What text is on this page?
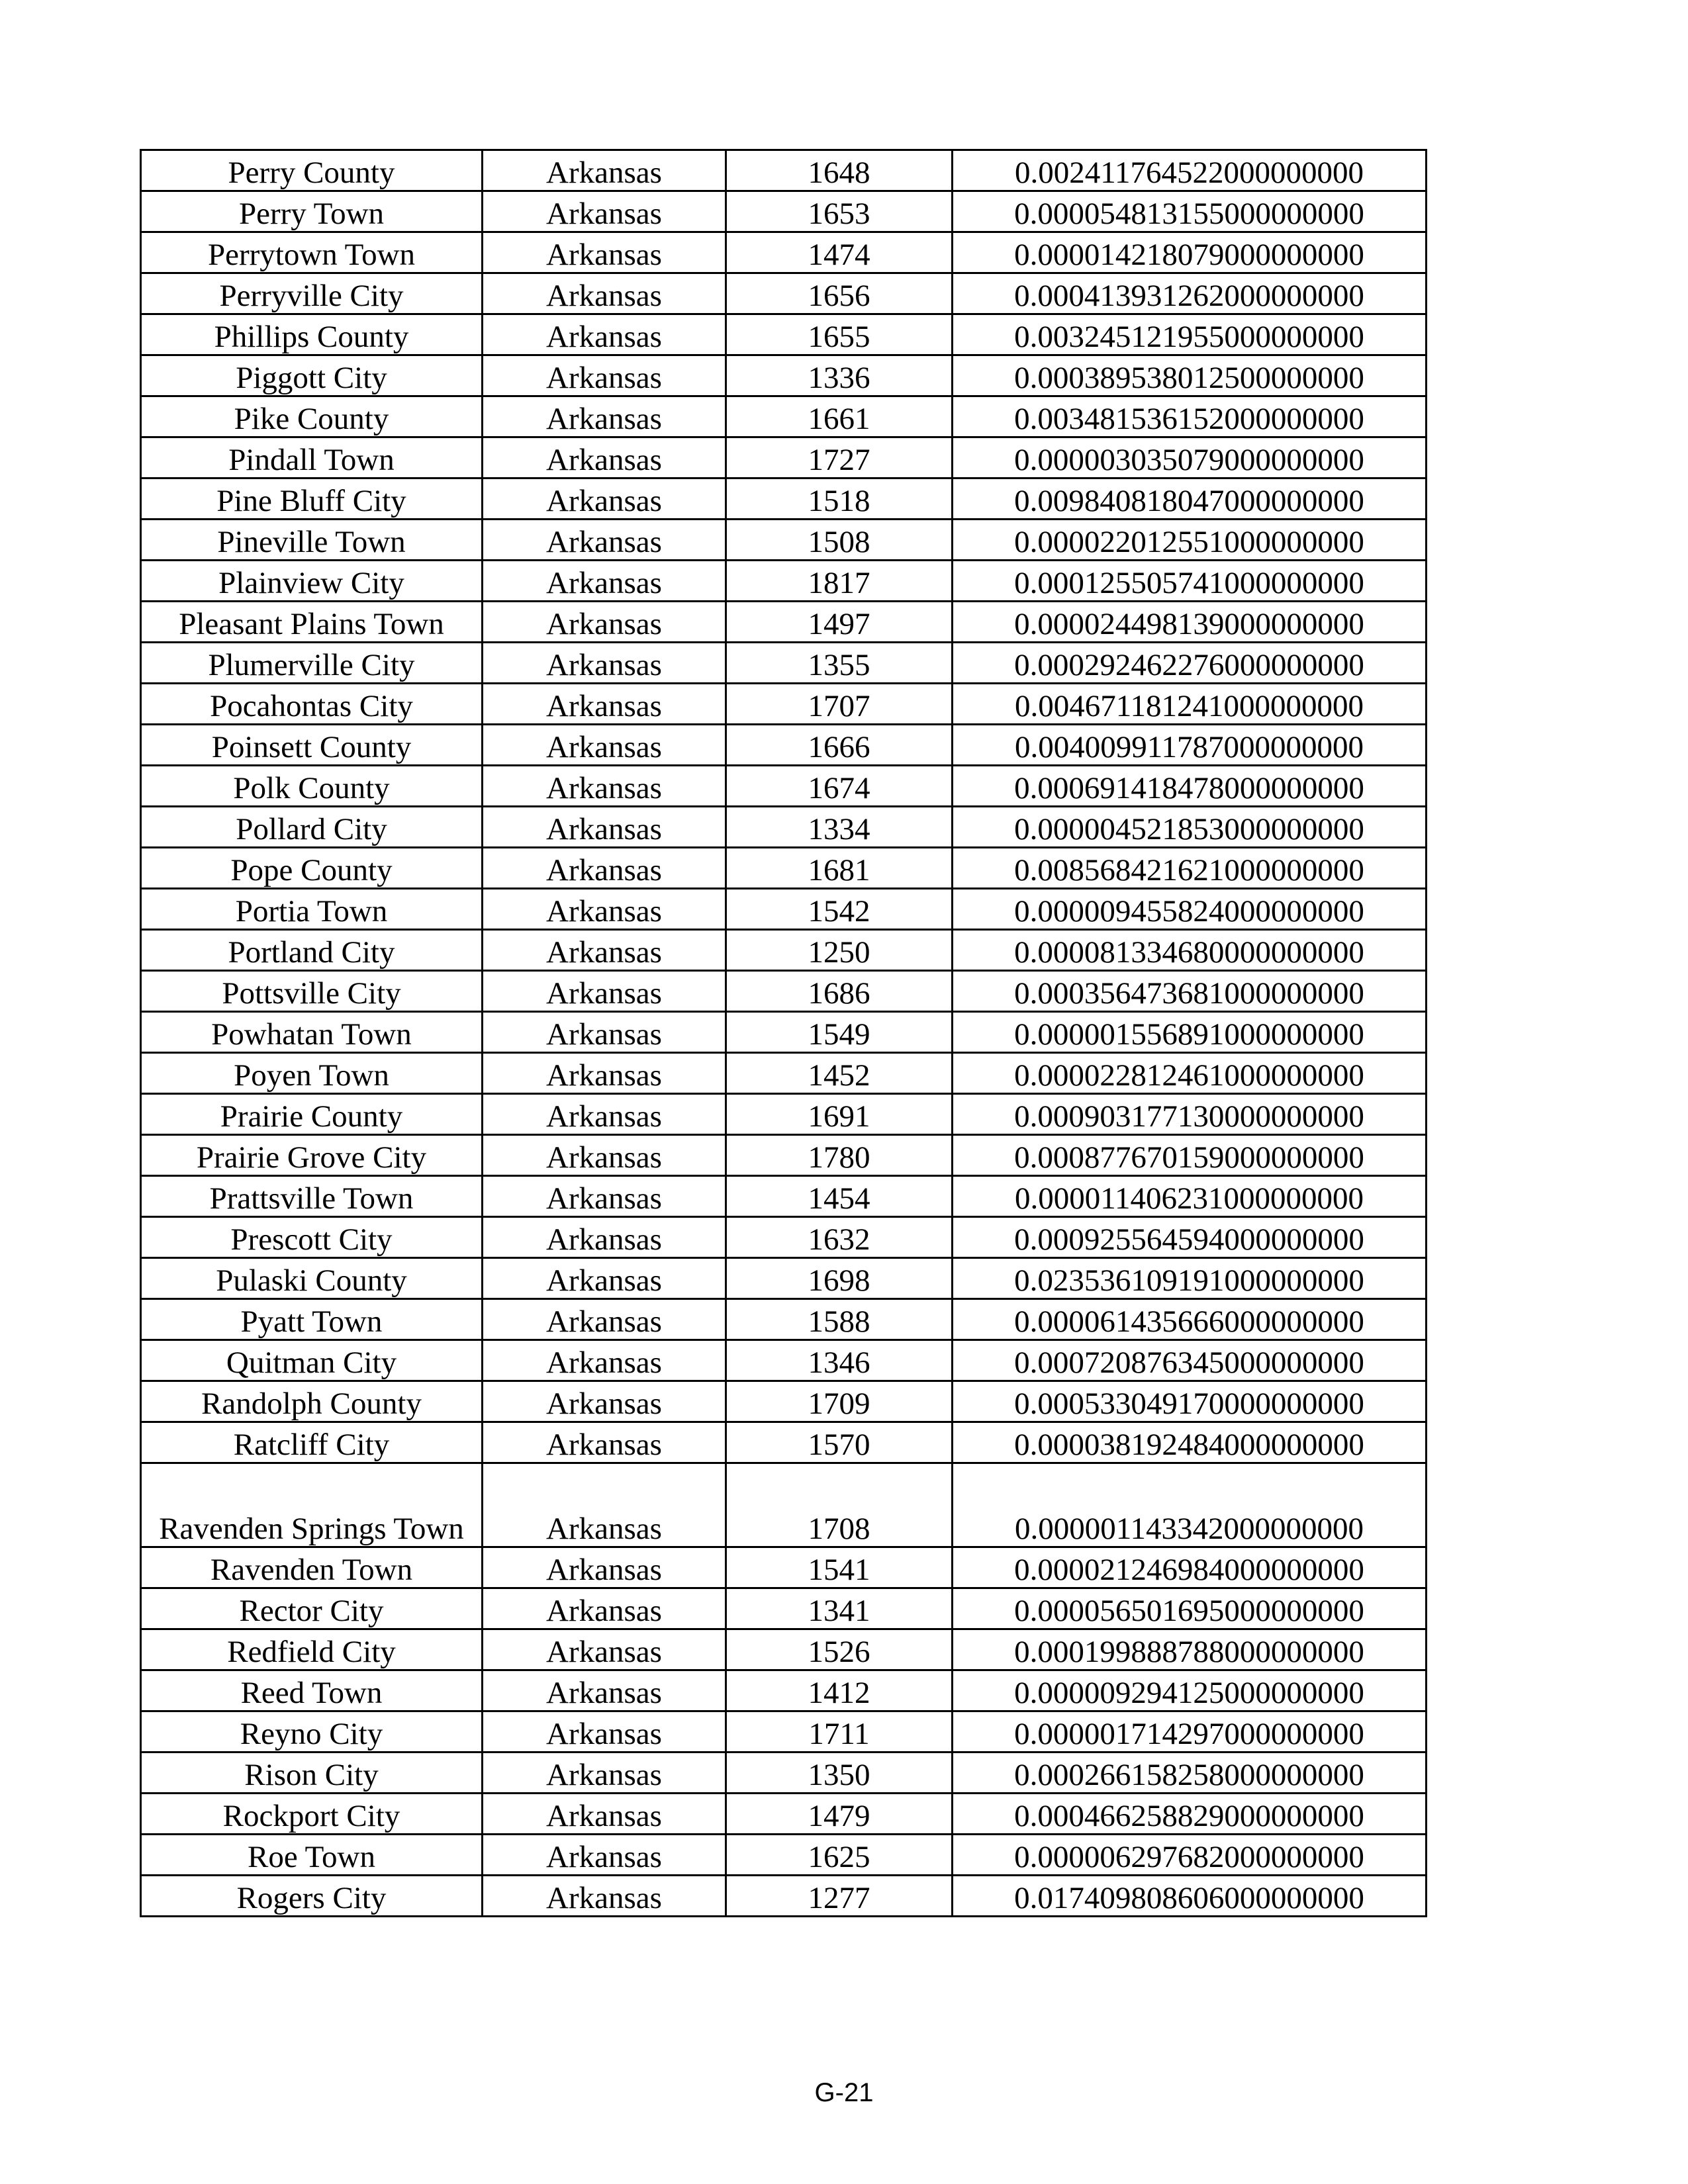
Perry County	Arkansas	1648	0.002411764522000000000
Perry Town	Arkansas	1653	0.000054813155000000000
Perrytown Town	Arkansas	1474	0.000014218079000000000
Perryville City	Arkansas	1656	0.000413931262000000000
Phillips County	Arkansas	1655	0.003245121955000000000
Piggott City	Arkansas	1336	0.000389538012500000000
Pike County	Arkansas	1661	0.003481536152000000000
Pindall Town	Arkansas	1727	0.000003035079000000000
Pine Bluff City	Arkansas	1518	0.009840818047000000000
Pineville Town	Arkansas	1508	0.000022012551000000000
Plainview City	Arkansas	1817	0.000125505741000000000
Pleasant Plains Town	Arkansas	1497	0.000024498139000000000
Plumerville City	Arkansas	1355	0.000292462276000000000
Pocahontas City	Arkansas	1707	0.004671181241000000000
Poinsett County	Arkansas	1666	0.004009911787000000000
Polk County	Arkansas	1674	0.000691418478000000000
Pollard City	Arkansas	1334	0.000004521853000000000
Pope County	Arkansas	1681	0.008568421621000000000
Portia Town	Arkansas	1542	0.000009455824000000000
Portland City	Arkansas	1250	0.000081334680000000000
Pottsville City	Arkansas	1686	0.000356473681000000000
Powhatan Town	Arkansas	1549	0.000001556891000000000
Poyen Town	Arkansas	1452	0.000022812461000000000
Prairie County	Arkansas	1691	0.000903177130000000000
Prairie Grove City	Arkansas	1780	0.000877670159000000000
Prattsville Town	Arkansas	1454	0.000011406231000000000
Prescott City	Arkansas	1632	0.000925564594000000000
Pulaski County	Arkansas	1698	0.023536109191000000000
Pyatt Town	Arkansas	1588	0.000061435666000000000
Quitman City	Arkansas	1346	0.000720876345000000000
Randolph County	Arkansas	1709	0.000533049170000000000
Ratcliff City	Arkansas	1570	0.000038192484000000000
Ravenden Springs Town	Arkansas	1708	0.000001143342000000000
Ravenden Town	Arkansas	1541	0.000021246984000000000
Rector City	Arkansas	1341	0.000056501695000000000
Redfield City	Arkansas	1526	0.000199888788000000000
Reed Town	Arkansas	1412	0.000009294125000000000
Reyno City	Arkansas	1711	0.000001714297000000000
Rison City	Arkansas	1350	0.000266158258000000000
Rockport City	Arkansas	1479	0.000466258829000000000
Roe Town	Arkansas	1625	0.000006297682000000000
Rogers City	Arkansas	1277	0.017409808606000000000
G-21
